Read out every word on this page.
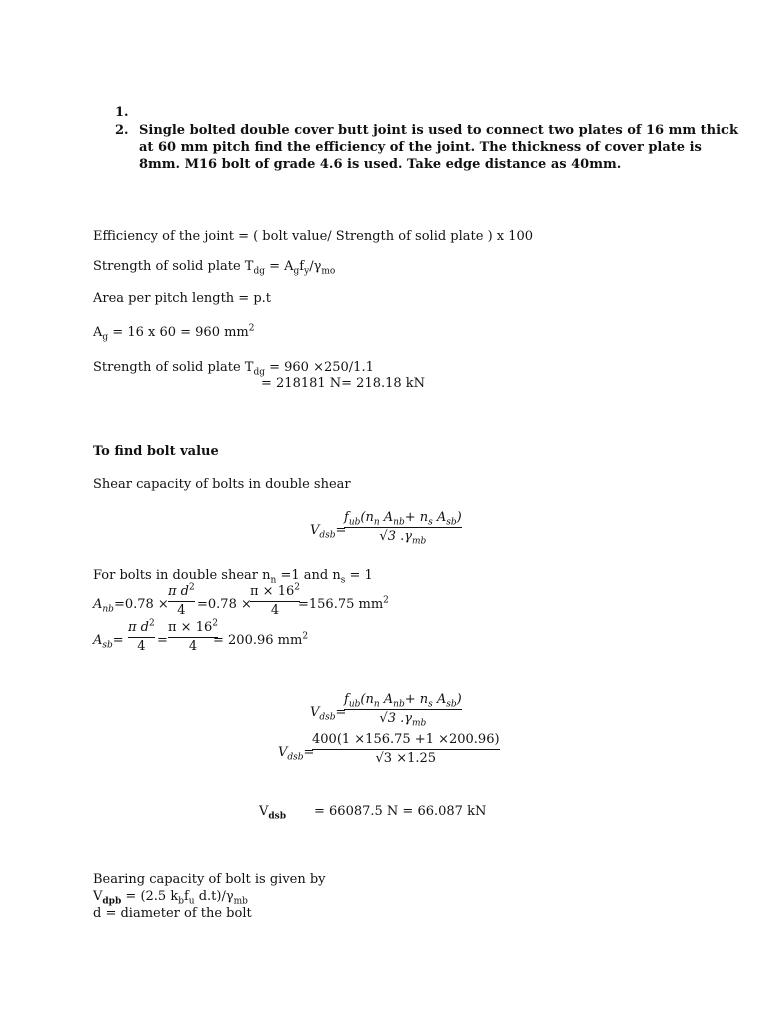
1.
2. Single bolted double cover butt joint is used to connect two plates of 16 mm thick
at 60 mm pitch find the efficiency of the joint. The thickness of cover plate is
8mm. M16 bolt of grade 4.6 is used. Take edge distance as 40mm.
Efficiency of the joint = ( bolt value/ Strength of solid plate ) x 100
Strength of solid plate $T_{dg} = A_gf_y/\gamma_{mo}$
Area per pitch length = p.t
$A_g = 16$ x 60 = 960 $mm^2$
Strength of solid plate $T_{dg} = 960 \times 250/1.1$
= 218181 N= 218.18 kN
To find bolt value
Shear capacity of bolts in double shear
$V_{dsb}=$
$f_{ub}(n_n$ $A_{nb}+ n_s$ $A_{sb}$)
√3 $.\gamma_{mb}$
For bolts in double shear $n_n =1$ and $n_s = 1$
$A_{nb}=0.78$ ×
π $d^2$
4 =0.78 ×
$\pi \times 16^2$
4 =156.75 $mm^2$
$A_{sb}=$
π $d^2$
4 =
$\pi \times 16^2$
4 = 200.96 $mm^2$
$V_{dsb}=$
$f_{ub}(n_n$ $A_{nb}+ n_s$ $A_{sb}$)
√3 $.\gamma_{mb}$
$V_{dsb}=$
400(1 ×156.75 +1 ×200.96)
√3 ×1.25
$V_{dsb} = 66087.5$ N = 66.087 kN
Bearing capacity of bolt is given by
$V_{dpb} = (2.5$ $k_bf_u$ $d.t)/\gamma_{mb}$
d = diameter of the bolt
